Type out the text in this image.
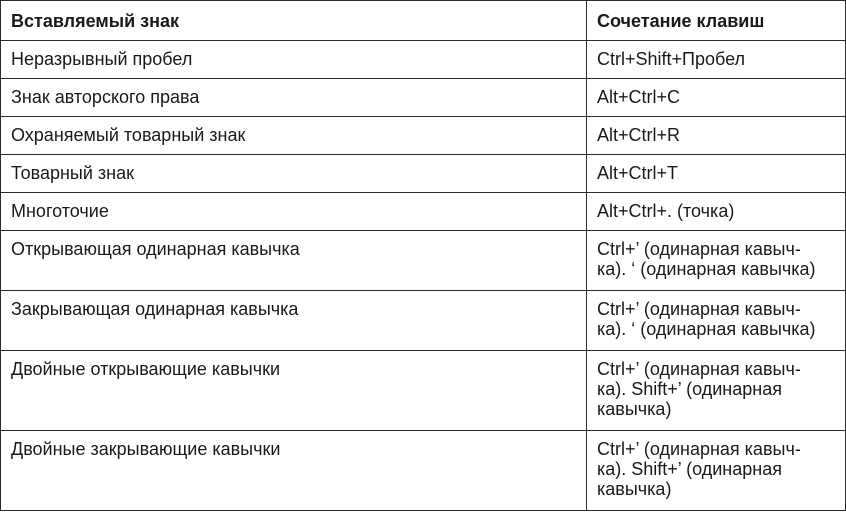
Вставляемый знак	Сочетание клавиш
Неразрывный пробел	Ctrl+Shift+Пробел
Знак авторского права	Alt+Ctrl+C
Охраняемый товарный знак	Alt+Ctrl+R
Товарный знак	Alt+Ctrl+T
Многоточие	Alt+Ctrl+. (точка)
Открывающая одинарная кавычка	Ctrl+’ (одинарная кавыч-
ка). ‘ (одинарная кавычка)
Закрывающая одинарная кавычка	Ctrl+’ (одинарная кавыч-
ка). ‘ (одинарная кавычка)
Двойные открывающие кавычки	Ctrl+’ (одинарная кавыч-
ка). Shift+’ (одинарная
кавычка)
Двойные закрывающие кавычки	Ctrl+’ (одинарная кавыч-
ка). Shift+’ (одинарная
кавычка)
